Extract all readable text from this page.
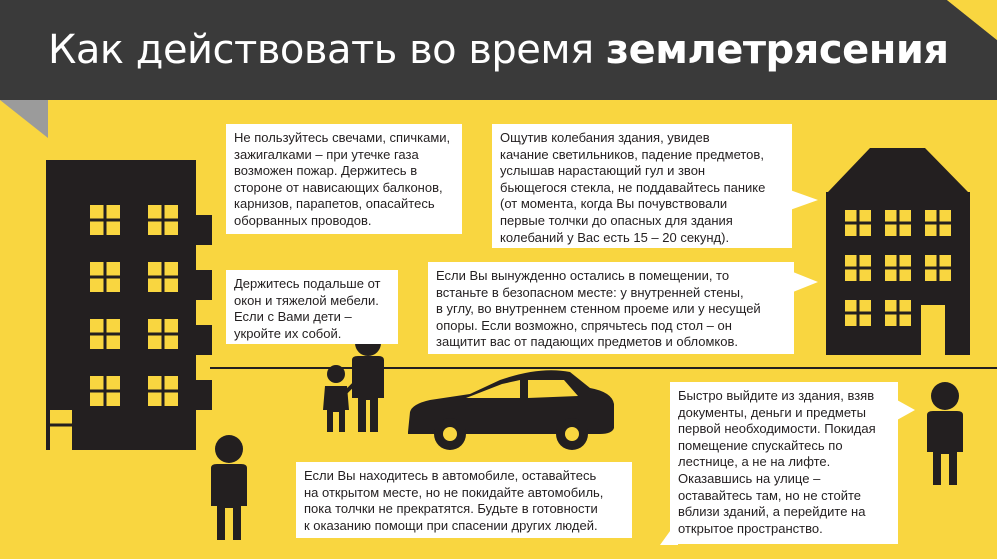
Как действовать во время землетрясения
Не пользуйтесь свечами, спичками,
зажигалками – при утечке газа
возможен пожар. Держитесь в
стороне от нависающих балконов,
карнизов, парапетов, опасайтесь
оборванных проводов.
Держитесь подальше от
окон и тяжелой мебели.
Если с Вами дети –
укройте их собой.
Ощутив колебания здания, увидев
качание светильников, падение предметов,
услышав нарастающий гул и звон
бьющегося стекла, не поддавайтесь панике
(от момента, когда Вы почувствовали
первые толчки до опасных для здания
колебаний у Вас есть 15 – 20 секунд).
Если Вы вынужденно остались в помещении, то
встаньте в безопасном месте: у внутренней стены,
в углу, во внутреннем стенном проеме или у несущей
опоры. Если возможно, спрячьтесь под стол – он
защитит вас от падающих предметов и обломков.
Если Вы находитесь в автомобиле, оставайтесь
на открытом месте, но не покидайте автомобиль,
пока толчки не прекратятся. Будьте в готовности
к оказанию помощи при спасении других людей.
Быстро выйдите из здания, взяв
документы, деньги и предметы
первой необходимости. Покидая
помещение спускайтесь по
лестнице, а не на лифте.
Оказавшись на улице –
оставайтесь там, но не стойте
вблизи зданий, а перейдите на
открытое пространство.
